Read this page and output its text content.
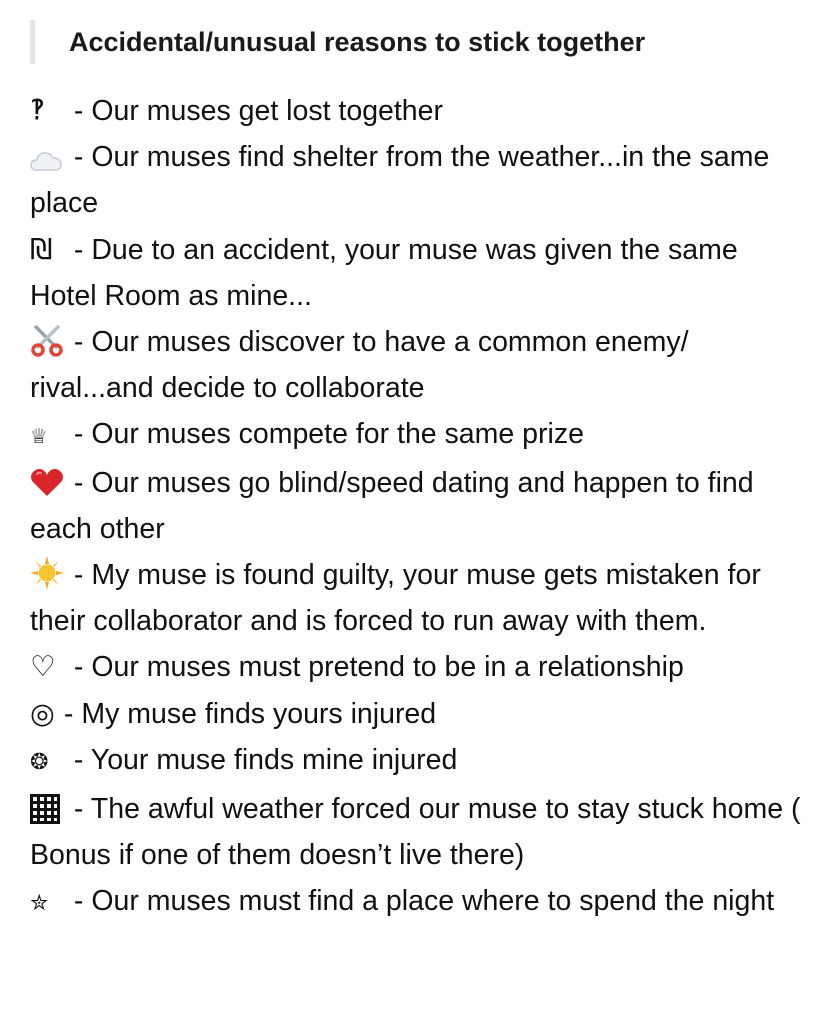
Accidental/unusual reasons to stick together
‽ - Our muses get lost together
- Our muses find shelter from the weather...in the same place
₪ - Due to an accident, your muse was given the same Hotel Room as mine...
- Our muses discover to have a common enemy/ rival...and decide to collaborate
♕ - Our muses compete for the same prize
- Our muses go blind/speed dating and happen to find each other
- My muse is found guilty, your muse gets mistaken for their collaborator and is forced to run away with them.
♡ - Our muses must pretend to be in a relationship
◎ - My muse finds yours injured
❂ - Your muse finds mine injured
- The awful weather forced our muse to stay stuck home ( Bonus if one of them doesn’t live there)
✮ - Our muses must find a place where to spend the night
